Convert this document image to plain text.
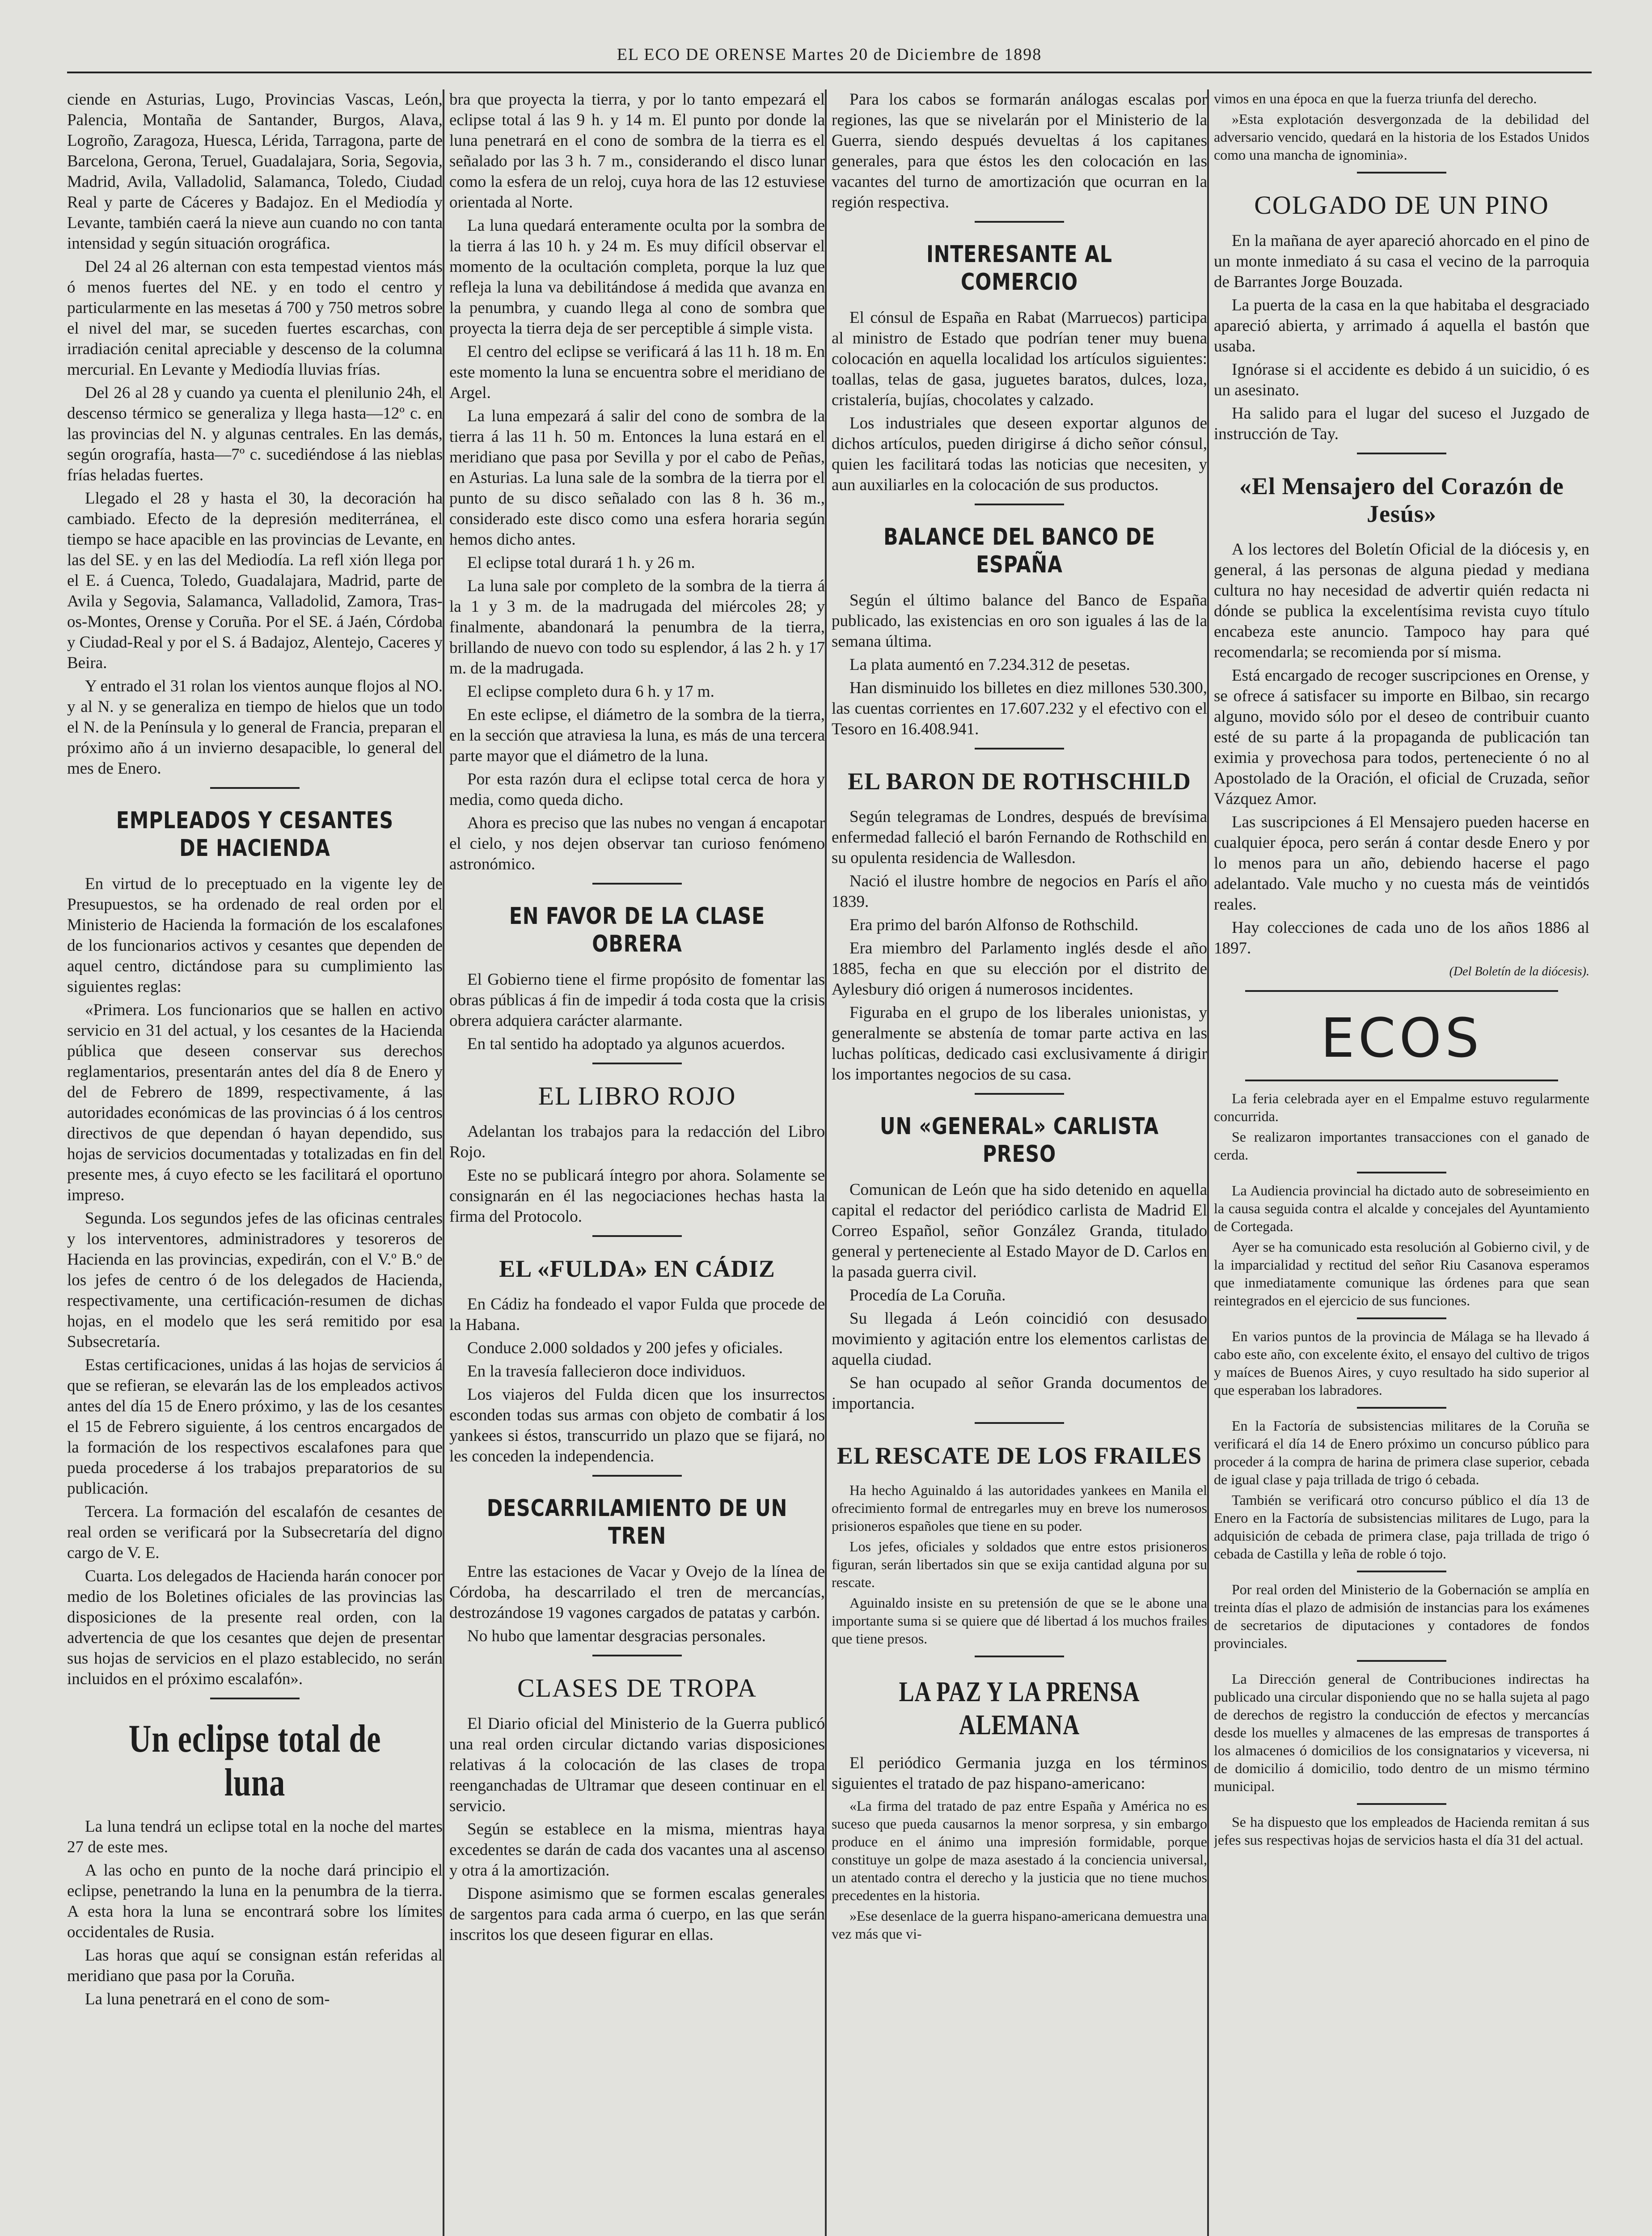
EL ECO DE ORENSE Martes 20 de Diciembre de 1898

ciende en Asturias, Lugo, Provincias Vascas, León, Palencia, Montaña de Santander, Burgos, Alava, Logroño, Zaragoza, Huesca, Lérida, Tarragona, parte de Barcelona, Gerona, Teruel, Guadalajara, Soria, Segovia, Madrid, Avila, Valladolid, Salamanca, Toledo, Ciudad Real y parte de Cáceres y Badajoz. En el Mediodía y Levante, también caerá la nieve aun cuando no con tanta intensidad y según situación orográfica.

Del 24 al 26 alternan con esta tempestad vientos más ó menos fuertes del NE. y en todo el centro y particularmente en las mesetas á 700 y 750 metros sobre el nivel del mar, se suceden fuertes escarchas, con irradiación cenital apreciable y descenso de la columna mercurial. En Levante y Mediodía lluvias frías.

Del 26 al 28 y cuando ya cuenta el plenilunio 24h, el descenso térmico se generaliza y llega hasta—12º c. en las provincias del N. y algunas centrales. En las demás, según orografía, hasta—7º c. sucediéndose á las nieblas frías heladas fuertes.

Llegado el 28 y hasta el 30, la decoración ha cambiado. Efecto de la depresión mediterránea, el tiempo se hace apacible en las provincias de Levante, en las del SE. y en las del Mediodía. La refl xión llega por el E. á Cuenca, Toledo, Guadalajara, Madrid, parte de Avila y Segovia, Salamanca, Valladolid, Zamora, Tras-os-Montes, Orense y Coruña. Por el SE. á Jaén, Córdoba y Ciudad-Real y por el S. á Badajoz, Alentejo, Caceres y Beira.

Y entrado el 31 rolan los vientos aunque flojos al NO. y al N. y se generaliza en tiempo de hielos que un todo el N. de la Península y lo general de Francia, preparan el próximo año á un invierno desapacible, lo general del mes de Enero.

EMPLEADOS Y CESANTES DE HACIENDA

En virtud de lo preceptuado en la vigente ley de Presupuestos, se ha ordenado de real orden por el Ministerio de Hacienda la formación de los escalafones de los funcionarios activos y cesantes que dependen de aquel centro, dictándose para su cumplimiento las siguientes reglas:

«Primera. Los funcionarios que se hallen en activo servicio en 31 del actual, y los cesantes de la Hacienda pública que deseen conservar sus derechos reglamentarios, presentarán antes del día 8 de Enero y del de Febrero de 1899, respectivamente, á las autoridades económicas de las provincias ó á los centros directivos de que dependan ó hayan dependido, sus hojas de servicios documentadas y totalizadas en fin del presente mes, á cuyo efecto se les facilitará el oportuno impreso.

Segunda. Los segundos jefes de las oficinas centrales y los interventores, administradores y tesoreros de Hacienda en las provincias, expedirán, con el V.º B.º de los jefes de centro ó de los delegados de Hacienda, respectivamente, una certificación-resumen de dichas hojas, en el modelo que les será remitido por esa Subsecretaría.

Estas certificaciones, unidas á las hojas de servicios á que se refieran, se elevarán las de los empleados activos antes del día 15 de Enero próximo, y las de los cesantes el 15 de Febrero siguiente, á los centros encargados de la formación de los respectivos escalafones para que pueda procederse á los trabajos preparatorios de su publicación.

Tercera. La formación del escalafón de cesantes de real orden se verificará por la Subsecretaría del digno cargo de V. E.

Cuarta. Los delegados de Hacienda harán conocer por medio de los Boletines oficiales de las provincias las disposiciones de la presente real orden, con la advertencia de que los cesantes que dejen de presentar sus hojas de servicios en el plazo establecido, no serán incluidos en el próximo escalafón».

Un eclipse total de luna

La luna tendrá un eclipse total en la noche del martes 27 de este mes.

A las ocho en punto de la noche dará principio el eclipse, penetrando la luna en la penumbra de la tierra. A esta hora la luna se encontrará sobre los límites occidentales de Rusia.

Las horas que aquí se consignan están referidas al meridiano que pasa por la Coruña.

La luna penetrará en el cono de som-

bra que proyecta la tierra, y por lo tanto empezará el eclipse total á las 9 h. y 14 m. El punto por donde la luna penetrará en el cono de sombra de la tierra es el señalado por las 3 h. 7 m., considerando el disco lunar como la esfera de un reloj, cuya hora de las 12 estuviese orientada al Norte.

La luna quedará enteramente oculta por la sombra de la tierra á las 10 h. y 24 m. Es muy difícil observar el momento de la ocultación completa, porque la luz que refleja la luna va debilitándose á medida que avanza en la penumbra, y cuando llega al cono de sombra que proyecta la tierra deja de ser perceptible á simple vista.

El centro del eclipse se verificará á las 11 h. 18 m. En este momento la luna se encuentra sobre el meridiano de Argel.

La luna empezará á salir del cono de sombra de la tierra á las 11 h. 50 m. Entonces la luna estará en el meridiano que pasa por Sevilla y por el cabo de Peñas, en Asturias. La luna sale de la sombra de la tierra por el punto de su disco señalado con las 8 h. 36 m., considerado este disco como una esfera horaria según hemos dicho antes.

El eclipse total durará 1 h. y 26 m.

La luna sale por completo de la sombra de la tierra á la 1 y 3 m. de la madrugada del miércoles 28; y finalmente, abandonará la penumbra de la tierra, brillando de nuevo con todo su esplendor, á las 2 h. y 17 m. de la madrugada.

El eclipse completo dura 6 h. y 17 m.

En este eclipse, el diámetro de la sombra de la tierra, en la sección que atraviesa la luna, es más de una tercera parte mayor que el diámetro de la luna.

Por esta razón dura el eclipse total cerca de hora y media, como queda dicho.

Ahora es preciso que las nubes no vengan á encapotar el cielo, y nos dejen observar tan curioso fenómeno astronómico.

EN FAVOR DE LA CLASE OBRERA

El Gobierno tiene el firme propósito de fomentar las obras públicas á fin de impedir á toda costa que la crisis obrera adquiera carácter alarmante.

En tal sentido ha adoptado ya algunos acuerdos.

EL LIBRO ROJO

Adelantan los trabajos para la redacción del Libro Rojo.

Este no se publicará íntegro por ahora. Solamente se consignarán en él las negociaciones hechas hasta la firma del Protocolo.

EL «FULDA» EN CÁDIZ

En Cádiz ha fondeado el vapor Fulda que procede de la Habana.

Conduce 2.000 soldados y 200 jefes y oficiales.

En la travesía fallecieron doce individuos.

Los viajeros del Fulda dicen que los insurrectos esconden todas sus armas con objeto de combatir á los yankees si éstos, transcurrido un plazo que se fijará, no les conceden la independencia.

DESCARRILAMIENTO DE UN TREN

Entre las estaciones de Vacar y Ovejo de la línea de Córdoba, ha descarrilado el tren de mercancías, destrozándose 19 vagones cargados de patatas y carbón.

No hubo que lamentar desgracias personales.

CLASES DE TROPA

El Diario oficial del Ministerio de la Guerra publicó una real orden circular dictando varias disposiciones relativas á la colocación de las clases de tropa reenganchadas de Ultramar que deseen continuar en el servicio.

Según se establece en la misma, mientras haya excedentes se darán de cada dos vacantes una al ascenso y otra á la amortización.

Dispone asimismo que se formen escalas generales de sargentos para cada arma ó cuerpo, en las que serán inscritos los que deseen figurar en ellas.

Para los cabos se formarán análogas escalas por regiones, las que se nivelarán por el Ministerio de la Guerra, siendo después devueltas á los capitanes generales, para que éstos les den colocación en las vacantes del turno de amortización que ocurran en la región respectiva.

INTERESANTE AL COMERCIO

El cónsul de España en Rabat (Marruecos) participa al ministro de Estado que podrían tener muy buena colocación en aquella localidad los artículos siguientes: toallas, telas de gasa, juguetes baratos, dulces, loza, cristalería, bujías, chocolates y calzado.

Los industriales que deseen exportar algunos de dichos artículos, pueden dirigirse á dicho señor cónsul, quien les facilitará todas las noticias que necesiten, y aun auxiliarles en la colocación de sus productos.

BALANCE DEL BANCO DE ESPAÑA

Según el último balance del Banco de España publicado, las existencias en oro son iguales á las de la semana última.

La plata aumentó en 7.234.312 de pesetas.

Han disminuido los billetes en diez millones 530.300, las cuentas corrientes en 17.607.232 y el efectivo con el Tesoro en 16.408.941.

EL BARON DE ROTHSCHILD

Según telegramas de Londres, después de brevísima enfermedad falleció el barón Fernando de Rothschild en su opulenta residencia de Wallesdon.

Nació el ilustre hombre de negocios en París el año 1839.

Era primo del barón Alfonso de Rothschild.

Era miembro del Parlamento inglés desde el año 1885, fecha en que su elección por el distrito de Aylesbury dió origen á numerosos incidentes.

Figuraba en el grupo de los liberales unionistas, y generalmente se abstenía de tomar parte activa en las luchas políticas, dedicado casi exclusivamente á dirigir los importantes negocios de su casa.

UN «GENERAL» CARLISTA PRESO

Comunican de León que ha sido detenido en aquella capital el redactor del periódico carlista de Madrid El Correo Español, señor González Granda, titulado general y perteneciente al Estado Mayor de D. Carlos en la pasada guerra civil.

Procedía de La Coruña.

Su llegada á León coincidió con desusado movimiento y agitación entre los elementos carlistas de aquella ciudad.

Se han ocupado al señor Granda documentos de importancia.

EL RESCATE DE LOS FRAILES

Ha hecho Aguinaldo á las autoridades yankees en Manila el ofrecimiento formal de entregarles muy en breve los numerosos prisioneros españoles que tiene en su poder.

Los jefes, oficiales y soldados que entre estos prisioneros figuran, serán libertados sin que se exija cantidad alguna por su rescate.

Aguinaldo insiste en su pretensión de que se le abone una importante suma si se quiere que dé libertad á los muchos frailes que tiene presos.

LA PAZ Y LA PRENSA ALEMANA

El periódico Germania juzga en los términos siguientes el tratado de paz hispano-americano:

«La firma del tratado de paz entre España y América no es suceso que pueda causarnos la menor sorpresa, y sin embargo produce en el ánimo una impresión formidable, porque constituye un golpe de maza asestado á la conciencia universal, un atentado contra el derecho y la justicia que no tiene muchos precedentes en la historia.

»Ese desenlace de la guerra hispano-americana demuestra una vez más que vi-

vimos en una época en que la fuerza triunfa del derecho.

»Esta explotación desvergonzada de la debilidad del adversario vencido, quedará en la historia de los Estados Unidos como una mancha de ignominia».

COLGADO DE UN PINO

En la mañana de ayer apareció ahorcado en el pino de un monte inmediato á su casa el vecino de la parroquia de Barrantes Jorge Bouzada.

La puerta de la casa en la que habitaba el desgraciado apareció abierta, y arrimado á aquella el bastón que usaba.

Ignórase si el accidente es debido á un suicidio, ó es un asesinato.

Ha salido para el lugar del suceso el Juzgado de instrucción de Tay.

«El Mensajero del Corazón de Jesús»

A los lectores del Boletín Oficial de la diócesis y, en general, á las personas de alguna piedad y mediana cultura no hay necesidad de advertir quién redacta ni dónde se publica la excelentísima revista cuyo título encabeza este anuncio. Tampoco hay para qué recomendarla; se recomienda por sí misma.

Está encargado de recoger suscripciones en Orense, y se ofrece á satisfacer su importe en Bilbao, sin recargo alguno, movido sólo por el deseo de contribuir cuanto esté de su parte á la propaganda de publicación tan eximia y provechosa para todos, perteneciente ó no al Apostolado de la Oración, el oficial de Cruzada, señor Vázquez Amor.

Las suscripciones á El Mensajero pueden hacerse en cualquier época, pero serán á contar desde Enero y por lo menos para un año, debiendo hacerse el pago adelantado. Vale mucho y no cuesta más de veintidós reales.

Hay colecciones de cada uno de los años 1886 al 1897.

(Del Boletín de la diócesis).

ECOS

La feria celebrada ayer en el Empalme estuvo regularmente concurrida.

Se realizaron importantes transacciones con el ganado de cerda.

La Audiencia provincial ha dictado auto de sobreseimiento en la causa seguida contra el alcalde y concejales del Ayuntamiento de Cortegada.

Ayer se ha comunicado esta resolución al Gobierno civil, y de la imparcialidad y rectitud del señor Riu Casanova esperamos que inmediatamente comunique las órdenes para que sean reintegrados en el ejercicio de sus funciones.

En varios puntos de la provincia de Málaga se ha llevado á cabo este año, con excelente éxito, el ensayo del cultivo de trigos y maíces de Buenos Aires, y cuyo resultado ha sido superior al que esperaban los labradores.

En la Factoría de subsistencias militares de la Coruña se verificará el día 14 de Enero próximo un concurso público para proceder á la compra de harina de primera clase superior, cebada de igual clase y paja trillada de trigo ó cebada.

También se verificará otro concurso público el día 13 de Enero en la Factoría de subsistencias militares de Lugo, para la adquisición de cebada de primera clase, paja trillada de trigo ó cebada de Castilla y leña de roble ó tojo.

Por real orden del Ministerio de la Gobernación se amplía en treinta días el plazo de admisión de instancias para los exámenes de secretarios de diputaciones y contadores de fondos provinciales.

La Dirección general de Contribuciones indirectas ha publicado una circular disponiendo que no se halla sujeta al pago de derechos de registro la conducción de efectos y mercancías desde los muelles y almacenes de las empresas de transportes á los almacenes ó domicilios de los consignatarios y viceversa, ni de domicilio á domicilio, todo dentro de un mismo término municipal.

Se ha dispuesto que los empleados de Hacienda remitan á sus jefes sus respectivas hojas de servicios hasta el día 31 del actual.
